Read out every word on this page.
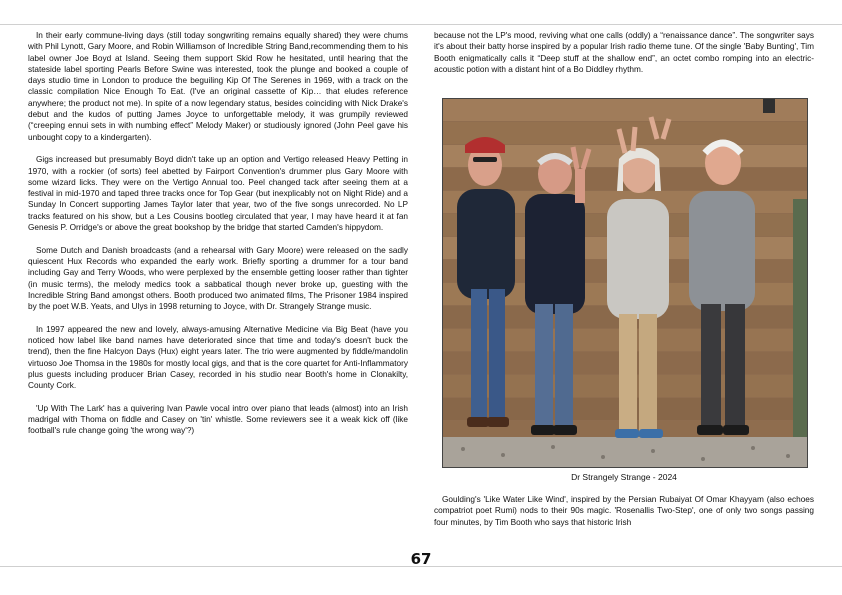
In their early commune-living days (still today songwriting remains equally shared) they were chums with Phil Lynott, Gary Moore, and Robin Williamson of Incredible String Band,recommending them to his label owner Joe Boyd at Island. Seeing them support Skid Row he hesitated, until hearing that the stateside label sporting Pearls Before Swine was interested, took the plunge and booked a couple of days studio time in London to produce the beguiling Kip Of The Serenes in 1969, with a track on the classic compilation Nice Enough To Eat. (I've an original cassette of Kip… that eludes reference anywhere; the product not me). In spite of a now legendary status, besides coinciding with Nick Drake's debut and the kudos of putting James Joyce to unforgettable melody, it was grumpily reviewed (“creeping ennui sets in with numbing effect” Melody Maker) or studiously ignored (John Peel gave his unbought copy to a kindergarten).

Gigs increased but presumably Boyd didn't take up an option and Vertigo released Heavy Petting in 1970, with a rockier (of sorts) feel abetted by Fairport Convention's drummer plus Gary Moore with some wizard licks. They were on the Vertigo Annual too. Peel changed tack after seeing them at a festival in mid-1970 and taped three tracks once for Top Gear (but inexplicably not on Night Ride) and a Sunday In Concert supporting James Taylor later that year, two of the five songs unrecorded. No LP tracks featured on his show, but a Les Cousins bootleg circulated that year, I may have heard it at fan Genesis P. Orridge's or above the great bookshop by the bridge that started Camden's hippydom.

Some Dutch and Danish broadcasts (and a rehearsal with Gary Moore) were released on the sadly quiescent Hux Records who expanded the early work. Briefly sporting a drummer for a tour band including Gay and Terry Woods, who were perplexed by the ensemble getting looser rather than tighter (in music terms), the melody medics took a sabbatical though never broke up, guesting with the Incredible String Band amongst others. Booth produced two animated films, The Prisoner 1984 inspired by the poet W.B. Yeats, and Ulys in 1998 returning to Joyce, with Dr. Strangely Strange music.

In 1997 appeared the new and lovely, always-amusing Alternative Medicine via Big Beat (have you noticed how label like band names have deteriorated since that time and today's doesn't buck the trend), then the fine Halcyon Days (Hux) eight years later. The trio were augmented by fiddle/mandolin virtuoso Joe Thomsa in the 1980s for mostly local gigs, and that is the core quartet for Anti-Inflammatory plus guests including producer Brian Casey, recorded in his studio near Booth's home in Clonakilty, County Cork.

'Up With The Lark' has a quivering Ivan Pawle vocal intro over piano that leads (almost) into an Irish madrigal with Thoma on fiddle and Casey on 'tin' whistle. Some reviewers see it a weak kick off (like football's rule change going 'the wrong way'?)

because not the LP's mood, reviving what one calls (oddly) a “renaissance dance”. The songwriter says it's about their batty horse inspired by a popular Irish radio theme tune. Of the single 'Baby Bunting', Tim Booth enigmatically calls it “Deep stuff at the shallow end”, an octet combo romping into an electric-acoustic potion with a distant hint of a Bo Diddley rhythm.

Dr Strangely Strange - 2024

Goulding's 'Like Water Like Wind', inspired by the Persian Rubaiyat Of Omar Khayyam (also echoes compatriot poet Rumi) nods to their 90s magic. 'Rosenallis Two-Step', one of only two songs passing four minutes, by Tim Booth who says that historic Irish

67
